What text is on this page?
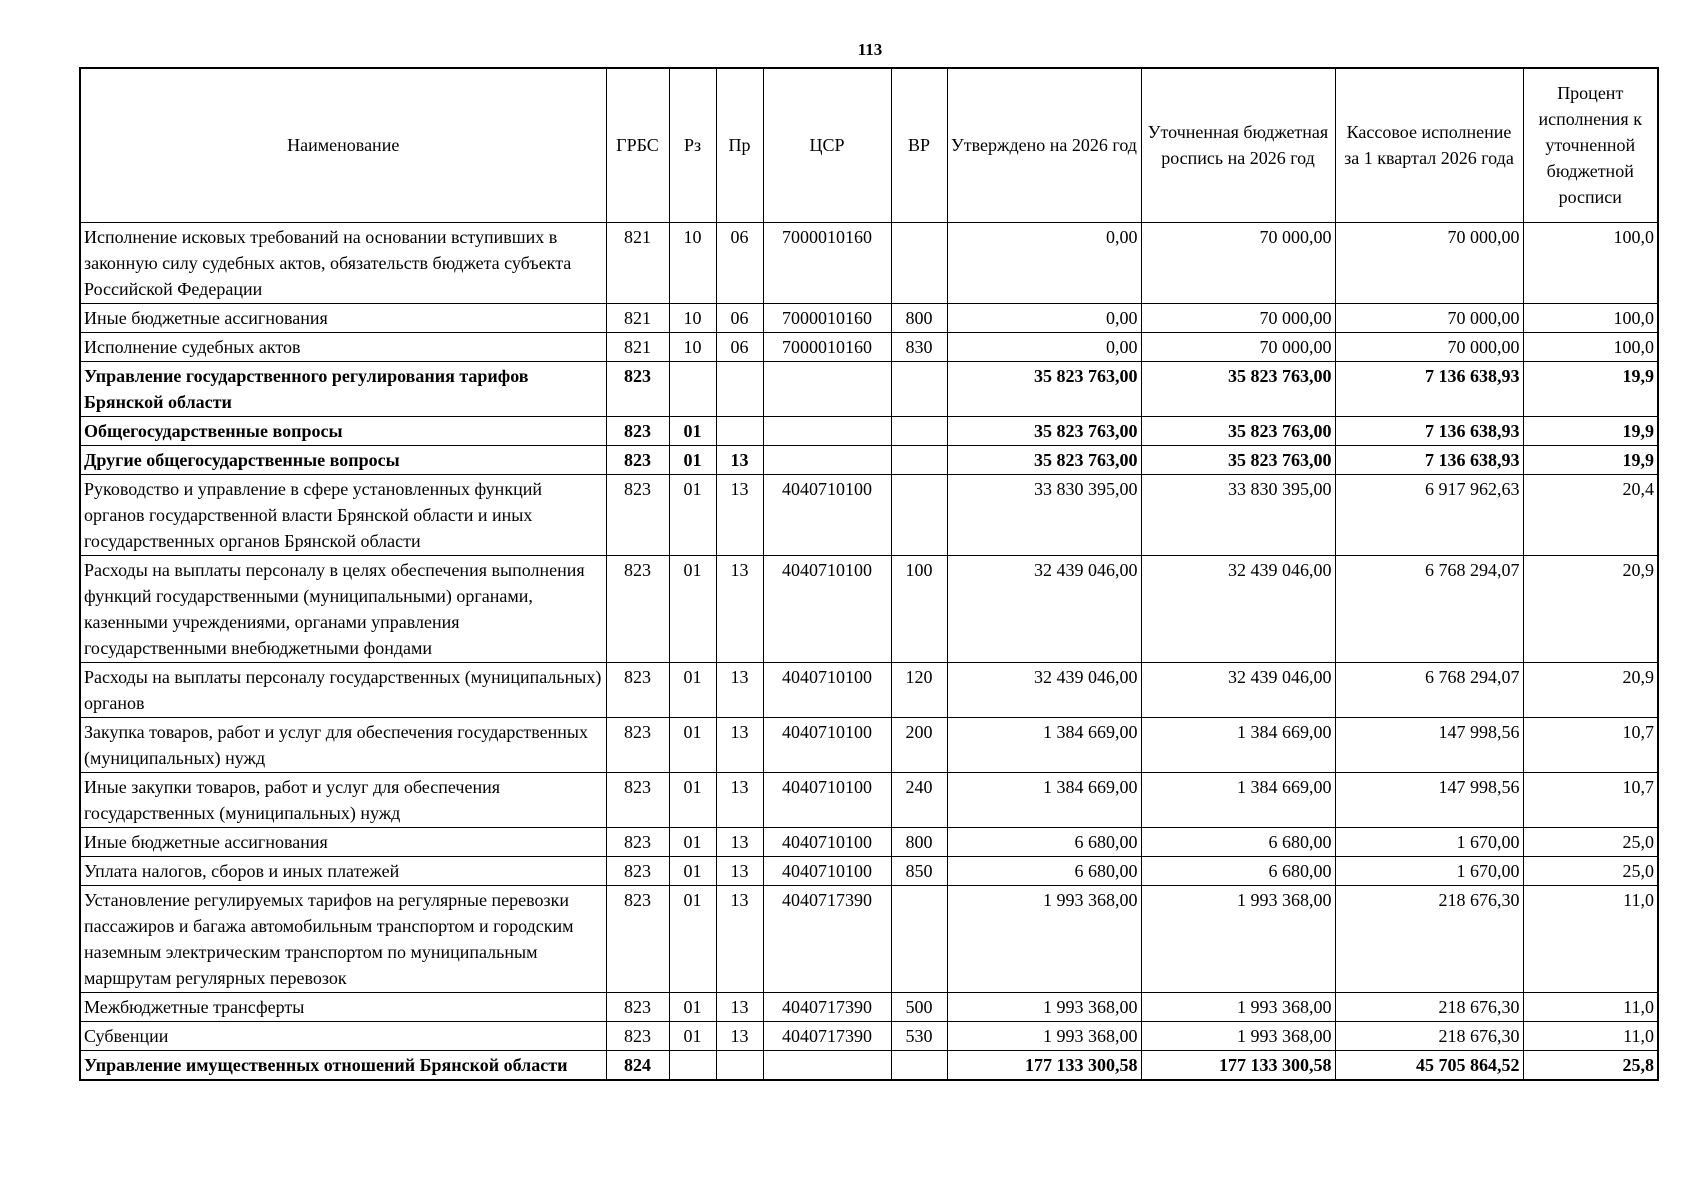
113
Наименование	ГРБС	Рз	Пр	ЦСР	ВР	Утверждено на 2026 год	Уточненная бюджетная роспись на 2026 год	Кассовое исполнение за 1 квартал 2026 года	Процент исполнения к уточненной бюджетной росписи
Исполнение исковых требований на основании вступивших в законную силу судебных актов, обязательств бюджета субъекта Российской Федерации	821	10	06	7000010160		0,00	70 000,00	70 000,00	100,0
Иные бюджетные ассигнования	821	10	06	7000010160	800	0,00	70 000,00	70 000,00	100,0
Исполнение судебных актов	821	10	06	7000010160	830	0,00	70 000,00	70 000,00	100,0
Управление государственного регулирования тарифов Брянской области	823					35 823 763,00	35 823 763,00	7 136 638,93	19,9
Общегосударственные вопросы	823	01				35 823 763,00	35 823 763,00	7 136 638,93	19,9
Другие общегосударственные вопросы	823	01	13			35 823 763,00	35 823 763,00	7 136 638,93	19,9
Руководство и управление в сфере установленных функций органов государственной власти Брянской области и иных государственных органов Брянской области	823	01	13	4040710100		33 830 395,00	33 830 395,00	6 917 962,63	20,4
Расходы на выплаты персоналу в целях обеспечения выполнения функций государственными (муниципальными) органами, казенными учреждениями, органами управления государственными внебюджетными фондами	823	01	13	4040710100	100	32 439 046,00	32 439 046,00	6 768 294,07	20,9
Расходы на выплаты персоналу государственных (муниципальных) органов	823	01	13	4040710100	120	32 439 046,00	32 439 046,00	6 768 294,07	20,9
Закупка товаров, работ и услуг для обеспечения государственных (муниципальных) нужд	823	01	13	4040710100	200	1 384 669,00	1 384 669,00	147 998,56	10,7
Иные закупки товаров, работ и услуг для обеспечения государственных (муниципальных) нужд	823	01	13	4040710100	240	1 384 669,00	1 384 669,00	147 998,56	10,7
Иные бюджетные ассигнования	823	01	13	4040710100	800	6 680,00	6 680,00	1 670,00	25,0
Уплата налогов, сборов и иных платежей	823	01	13	4040710100	850	6 680,00	6 680,00	1 670,00	25,0
Установление регулируемых тарифов на регулярные перевозки пассажиров и багажа автомобильным транспортом и городским наземным электрическим транспортом по муниципальным маршрутам регулярных перевозок	823	01	13	4040717390		1 993 368,00	1 993 368,00	218 676,30	11,0
Межбюджетные трансферты	823	01	13	4040717390	500	1 993 368,00	1 993 368,00	218 676,30	11,0
Субвенции	823	01	13	4040717390	530	1 993 368,00	1 993 368,00	218 676,30	11,0
Управление имущественных отношений Брянской области	824					177 133 300,58	177 133 300,58	45 705 864,52	25,8
